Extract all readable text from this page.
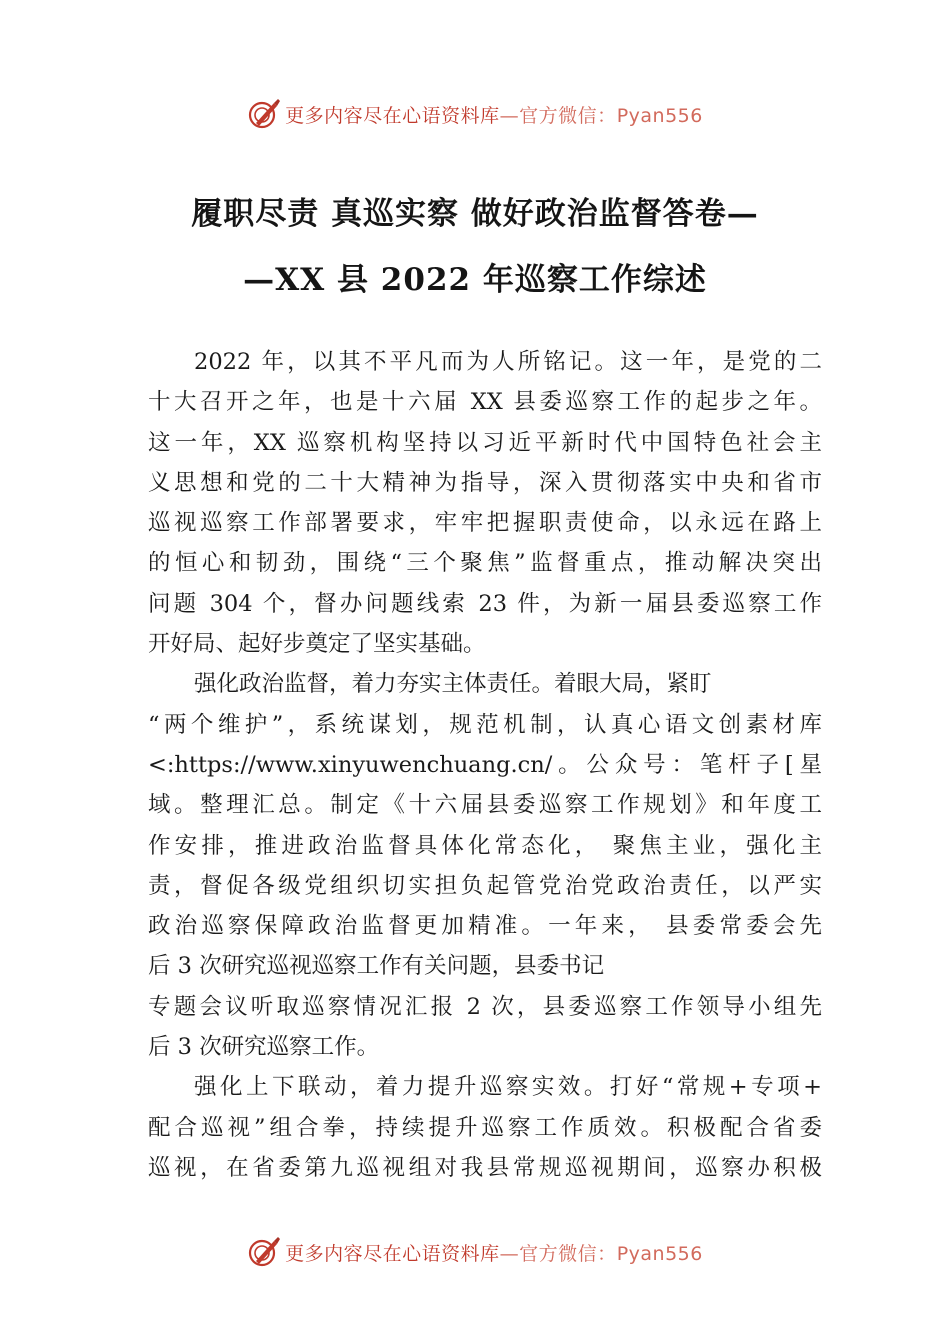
更多内容尽在心语资料库—官方微信：Pyan556
履职尽责 真巡实察 做好政治监督答卷—
—XX 县 2022 年巡察工作综述
2022 年，以其不平凡而为人所铭记。这一年，是党的二
十大召开之年，也是十六届 XX 县委巡察工作的起步之年。
这一年，XX 巡察机构坚持以习近平新时代中国特色社会主
义思想和党的二十大精神为指导，深入贯彻落实中央和省市
巡视巡察工作部署要求，牢牢把握职责使命，以永远在路上
的恒心和韧劲，围绕“三个聚焦”监督重点，推动解决突出
问题 304 个，督办问题线索 23 件，为新一届县委巡察工作
开好局、起好步奠定了坚实基础。
强化政治监督，着力夯实主体责任。着眼大局，紧盯
“两个维护”，系统谋划，规范机制，认真心语文创素材库
<:https://www.xinyuwenchuang.cn/。公众号：笔杆子[星
域。整理汇总。制定《十六届县委巡察工作规划》和年度工
作安排，推进政治监督具体化常态化， 聚焦主业，强化主
责，督促各级党组织切实担负起管党治党政治责任，以严实
政治巡察保障政治监督更加精准。一年来， 县委常委会先
后 3 次研究巡视巡察工作有关问题，县委书记
专题会议听取巡察情况汇报 2 次，县委巡察工作领导小组先
后 3 次研究巡察工作。
强化上下联动，着力提升巡察实效。打好“常规+专项+
配合巡视”组合拳，持续提升巡察工作质效。积极配合省委
巡视，在省委第九巡视组对我县常规巡视期间，巡察办积极
更多内容尽在心语资料库—官方微信：Pyan556
